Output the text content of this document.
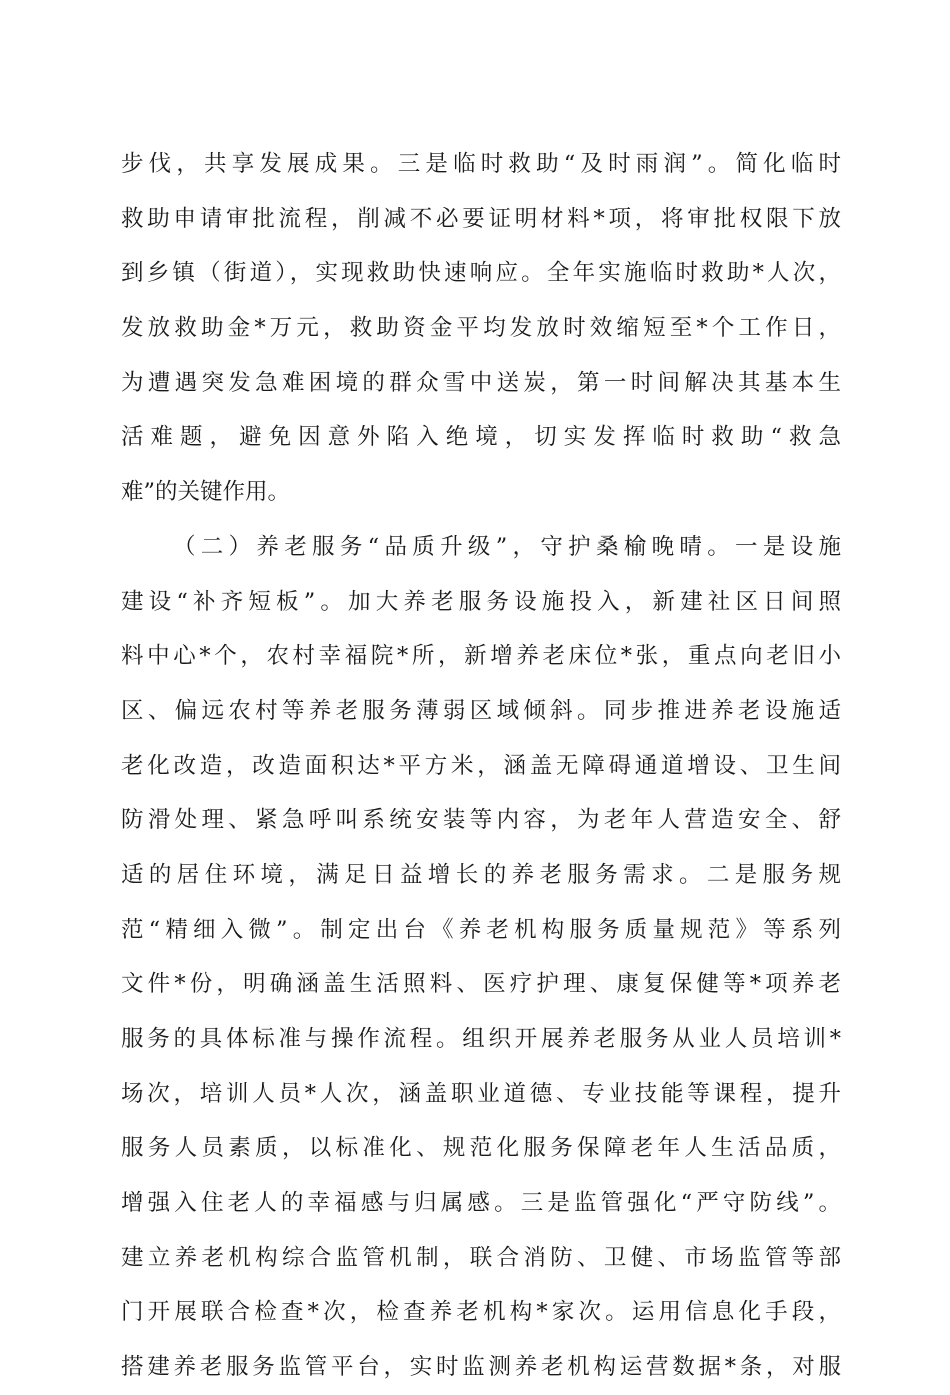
步伐，共享发展成果。三是临时救助“及时雨润”。简化临时
救助申请审批流程，削减不必要证明材料*项，将审批权限下放
到乡镇（街道），实现救助快速响应。全年实施临时救助*人次，
发放救助金*万元，救助资金平均发放时效缩短至*个工作日，
为遭遇突发急难困境的群众雪中送炭，第一时间解决其基本生
活难题，避免因意外陷入绝境，切实发挥临时救助“救急
难”的关键作用。
（二）养老服务“品质升级”，守护桑榆晚晴。一是设施
建设“补齐短板”。加大养老服务设施投入，新建社区日间照
料中心*个，农村幸福院*所，新增养老床位*张，重点向老旧小
区、偏远农村等养老服务薄弱区域倾斜。同步推进养老设施适
老化改造，改造面积达*平方米，涵盖无障碍通道增设、卫生间
防滑处理、紧急呼叫系统安装等内容，为老年人营造安全、舒
适的居住环境，满足日益增长的养老服务需求。二是服务规
范“精细入微”。制定出台《养老机构服务质量规范》等系列
文件*份，明确涵盖生活照料、医疗护理、康复保健等*项养老
服务的具体标准与操作流程。组织开展养老服务从业人员培训*
场次，培训人员*人次，涵盖职业道德、专业技能等课程，提升
服务人员素质，以标准化、规范化服务保障老年人生活品质，
增强入住老人的幸福感与归属感。三是监管强化“严守防线”。
建立养老机构综合监管机制，联合消防、卫健、市场监管等部
门开展联合检查*次，检查养老机构*家次。运用信息化手段，
搭建养老服务监管平台，实时监测养老机构运营数据*条，对服
